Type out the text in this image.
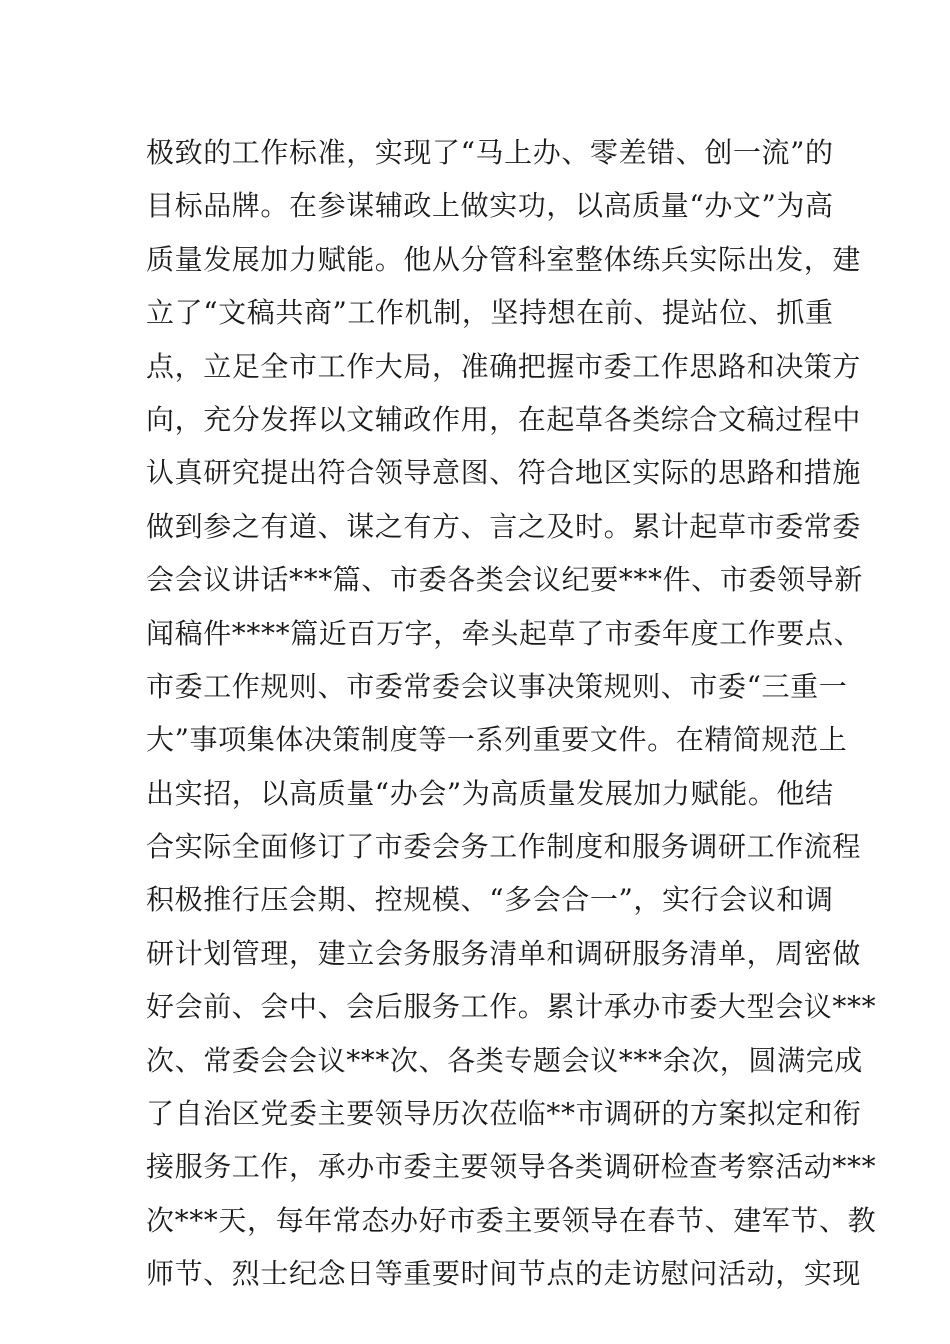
极致的工作标准，实现了“马上办、零差错、创一流”的
目标品牌。在参谋辅政上做实功，以高质量“办文”为高
质量发展加力赋能。他从分管科室整体练兵实际出发，建
立了“文稿共商”工作机制，坚持想在前、提站位、抓重
点，立足全市工作大局，准确把握市委工作思路和决策方
向，充分发挥以文辅政作用，在起草各类综合文稿过程中
认真研究提出符合领导意图、符合地区实际的思路和措施
做到参之有道、谋之有方、言之及时。累计起草市委常委
会会议讲话***篇、市委各类会议纪要***件、市委领导新
闻稿件****篇近百万字，牵头起草了市委年度工作要点、
市委工作规则、市委常委会议事决策规则、市委“三重一
大”事项集体决策制度等一系列重要文件。在精简规范上
出实招，以高质量“办会”为高质量发展加力赋能。他结
合实际全面修订了市委会务工作制度和服务调研工作流程
积极推行压会期、控规模、“多会合一”，实行会议和调
研计划管理，建立会务服务清单和调研服务清单，周密做
好会前、会中、会后服务工作。累计承办市委大型会议***
次、常委会会议***次、各类专题会议***余次，圆满完成
了自治区党委主要领导历次莅临**市调研的方案拟定和衔
接服务工作，承办市委主要领导各类调研检查考察活动***
次***天，每年常态办好市委主要领导在春节、建军节、教
师节、烈士纪念日等重要时间节点的走访慰问活动，实现
